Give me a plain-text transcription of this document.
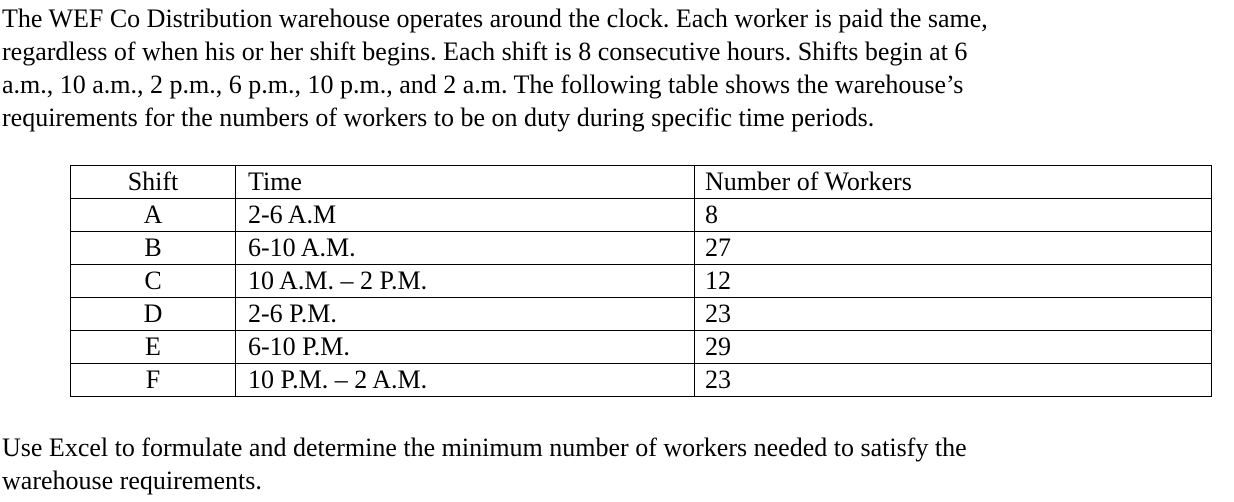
The WEF Co Distribution warehouse operates around the clock. Each worker is paid the same,
regardless of when his or her shift begins. Each shift is 8 consecutive hours. Shifts begin at 6
a.m., 10 a.m., 2 p.m., 6 p.m., 10 p.m., and 2 a.m. The following table shows the warehouse’s
requirements for the numbers of workers to be on duty during specific time periods.

Shift	Time	Number of Workers
A	2-6 A.M	8
B	6-10 A.M.	27
C	10 A.M. – 2 P.M.	12
D	2-6 P.M.	23
E	6-10 P.M.	29
F	10 P.M. – 2 A.M.	23

Use Excel to formulate and determine the minimum number of workers needed to satisfy the
warehouse requirements.
